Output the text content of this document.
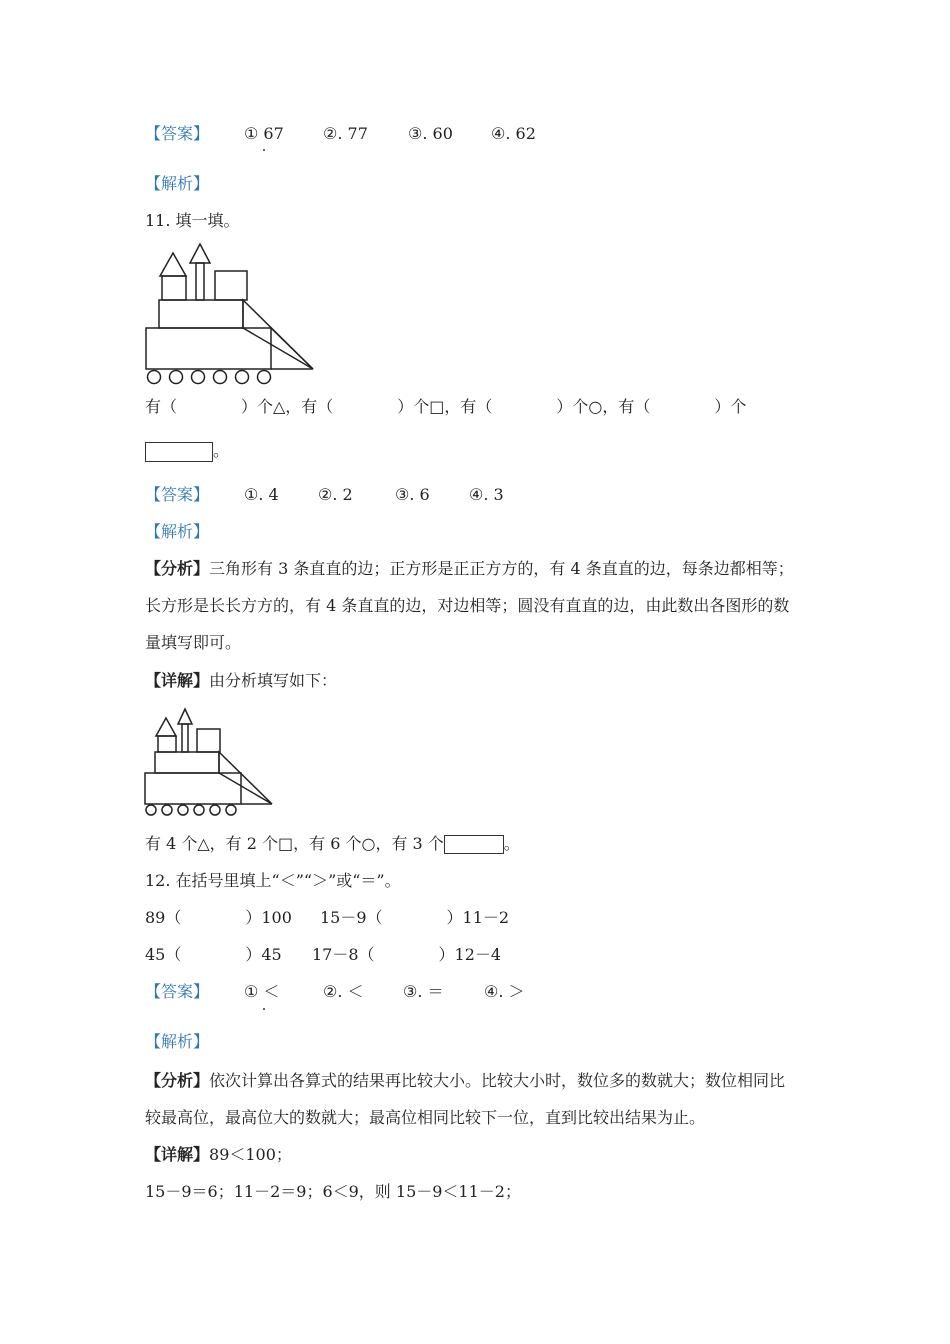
【答案】 ① 67 ②. 77	③. 60 ④. 62
【解析】
11. 填一填。
有（　　　　）个△，有（　　　　）个□，有（　　　　）个○，有（　　　　）个
。
【答案】 ①. 4 ②. 2	③. 6 ④. 3
【解析】
【分析】三角形有 3 条直直的边；正方形是正正方方的，有 4 条直直的边，每条边都相等；
长方形是长长方方的，有 4 条直直的边，对边相等；圆没有直直的边，由此数出各图形的数
量填写即可。
【详解】由分析填写如下：
有 4 个△，有 2 个□，有 6 个○，有 3 个	。
12. 在括号里填上“＜”“＞”或“＝”。
89（　　　　）100 15－9（　　　　）11－2
45（　　　　）45 17－8（　　　　）12－4
【答案】 ① ＜	②. ＜ ③. ＝	④. ＞
【解析】
【分析】依次计算出各算式的结果再比较大小。比较大小时，数位多的数就大；数位相同比
较最高位，最高位大的数就大；最高位相同比较下一位，直到比较出结果为止。
【详解】89＜100；
15－9＝6；11－2＝9；6＜9，则 15－9＜11－2；
